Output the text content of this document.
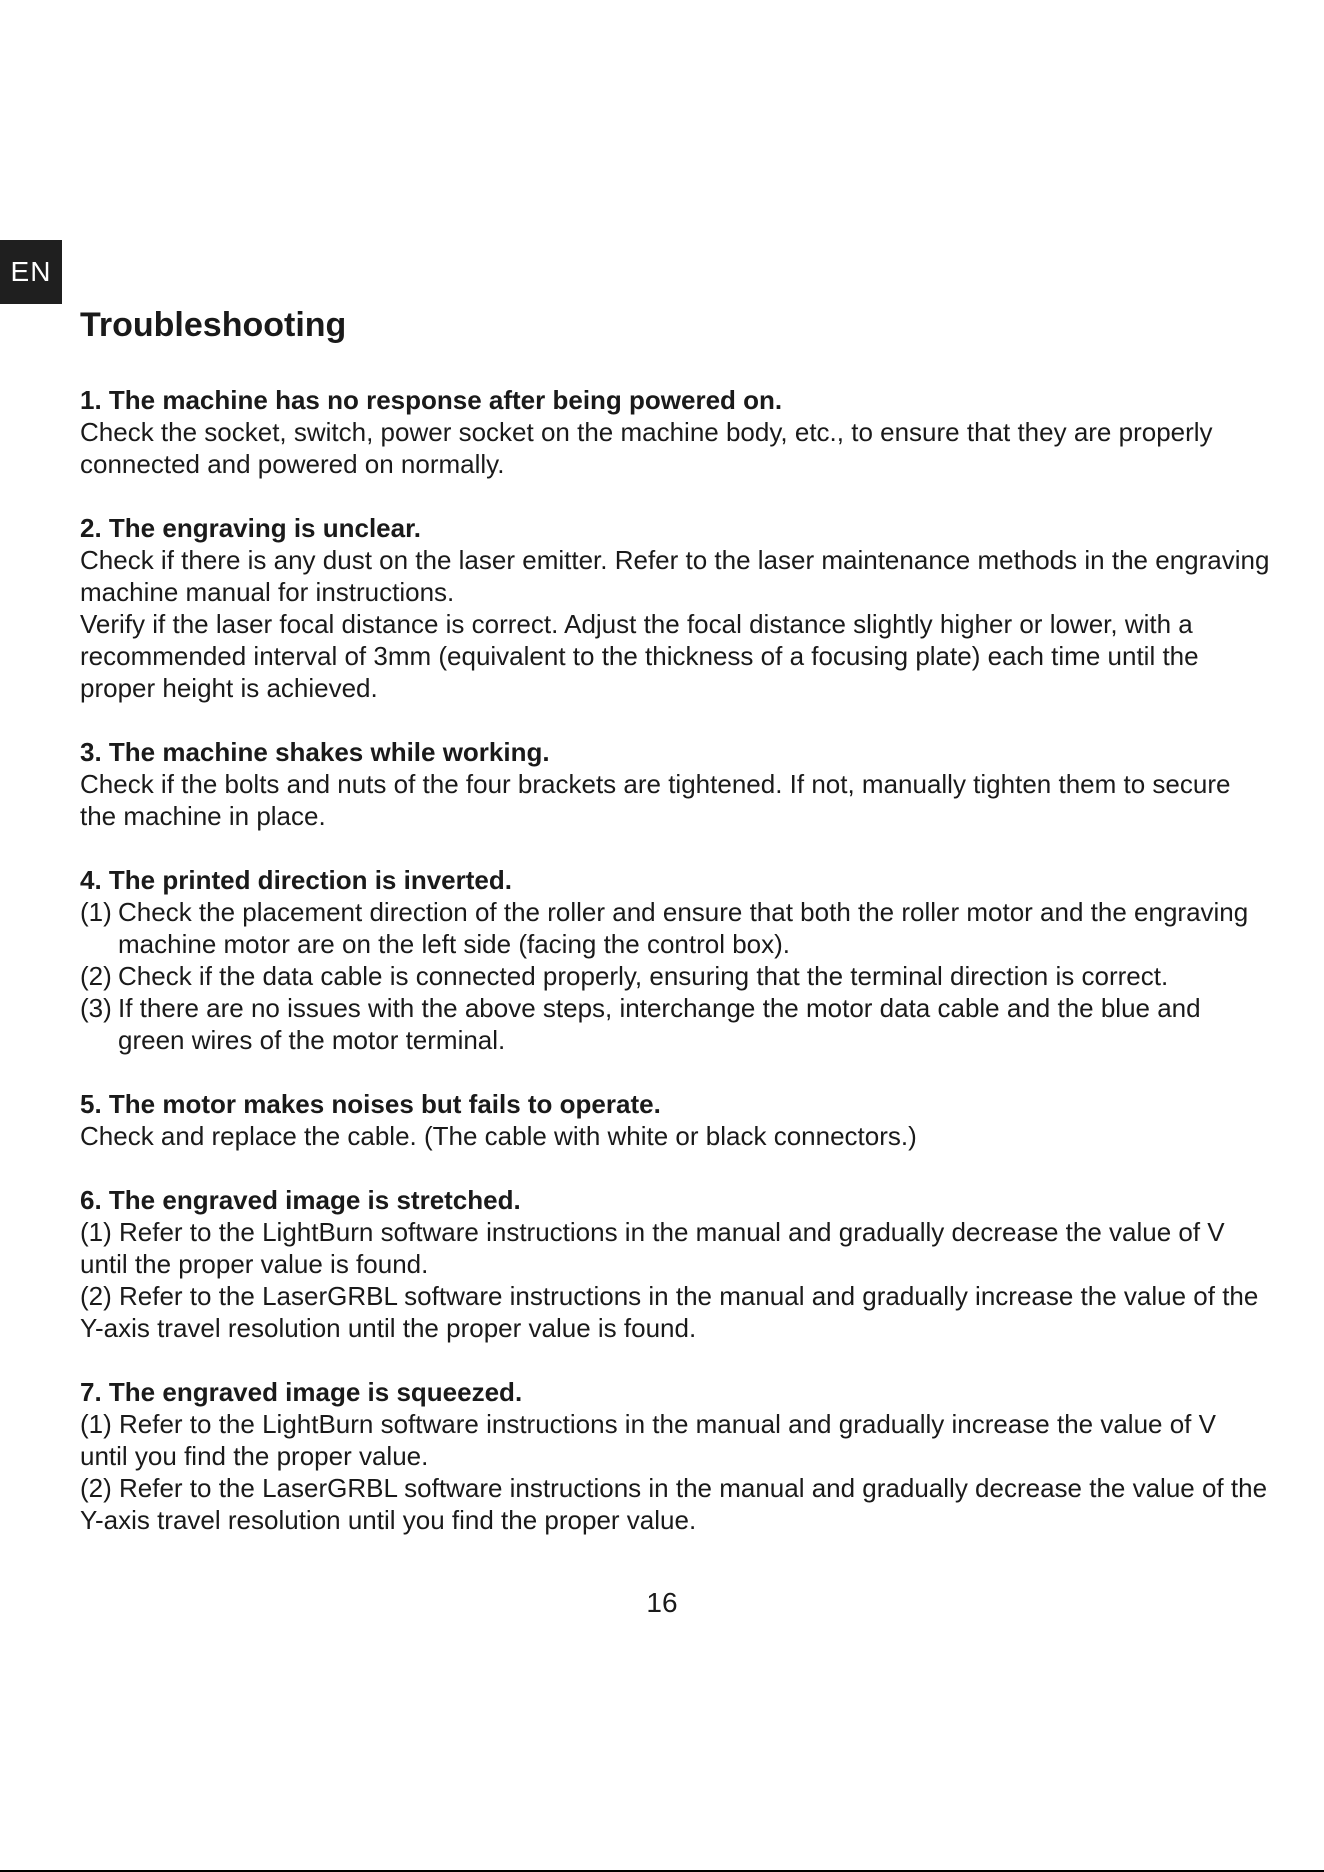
EN
Troubleshooting

1. The machine has no response after being powered on.

Check the socket, switch, power socket on the machine body, etc., to ensure that they are properly connected and powered on normally.

2. The engraving is unclear.

Check if there is any dust on the laser emitter. Refer to the laser maintenance methods in the engraving machine manual for instructions.

Verify if the laser focal distance is correct. Adjust the focal distance slightly higher or lower, with a recommended interval of 3mm (equivalent to the thickness of a focusing plate) each time until the proper height is achieved.

3. The machine shakes while working.

Check if the bolts and nuts of the four brackets are tightened. If not, manually tighten them to secure the machine in place.

4. The printed direction is inverted.

(1) Check the placement direction of the roller and ensure that both the roller motor and the engraving machine motor are on the left side (facing the control box).
(2) Check if the data cable is connected properly, ensuring that the terminal direction is correct.
(3) If there are no issues with the above steps, interchange the motor data cable and the blue and green wires of the motor terminal.

5. The motor makes noises but fails to operate.

Check and replace the cable. (The cable with white or black connectors.)

6. The engraved image is stretched.

(1) Refer to the LightBurn software instructions in the manual and gradually decrease the value of V until the proper value is found.

(2) Refer to the LaserGRBL software instructions in the manual and gradually increase the value of the Y-axis travel resolution until the proper value is found.

7. The engraved image is squeezed.

(1) Refer to the LightBurn software instructions in the manual and gradually increase the value of V until you find the proper value.

(2) Refer to the LaserGRBL software instructions in the manual and gradually decrease the value of the Y-axis travel resolution until you find the proper value.

16
